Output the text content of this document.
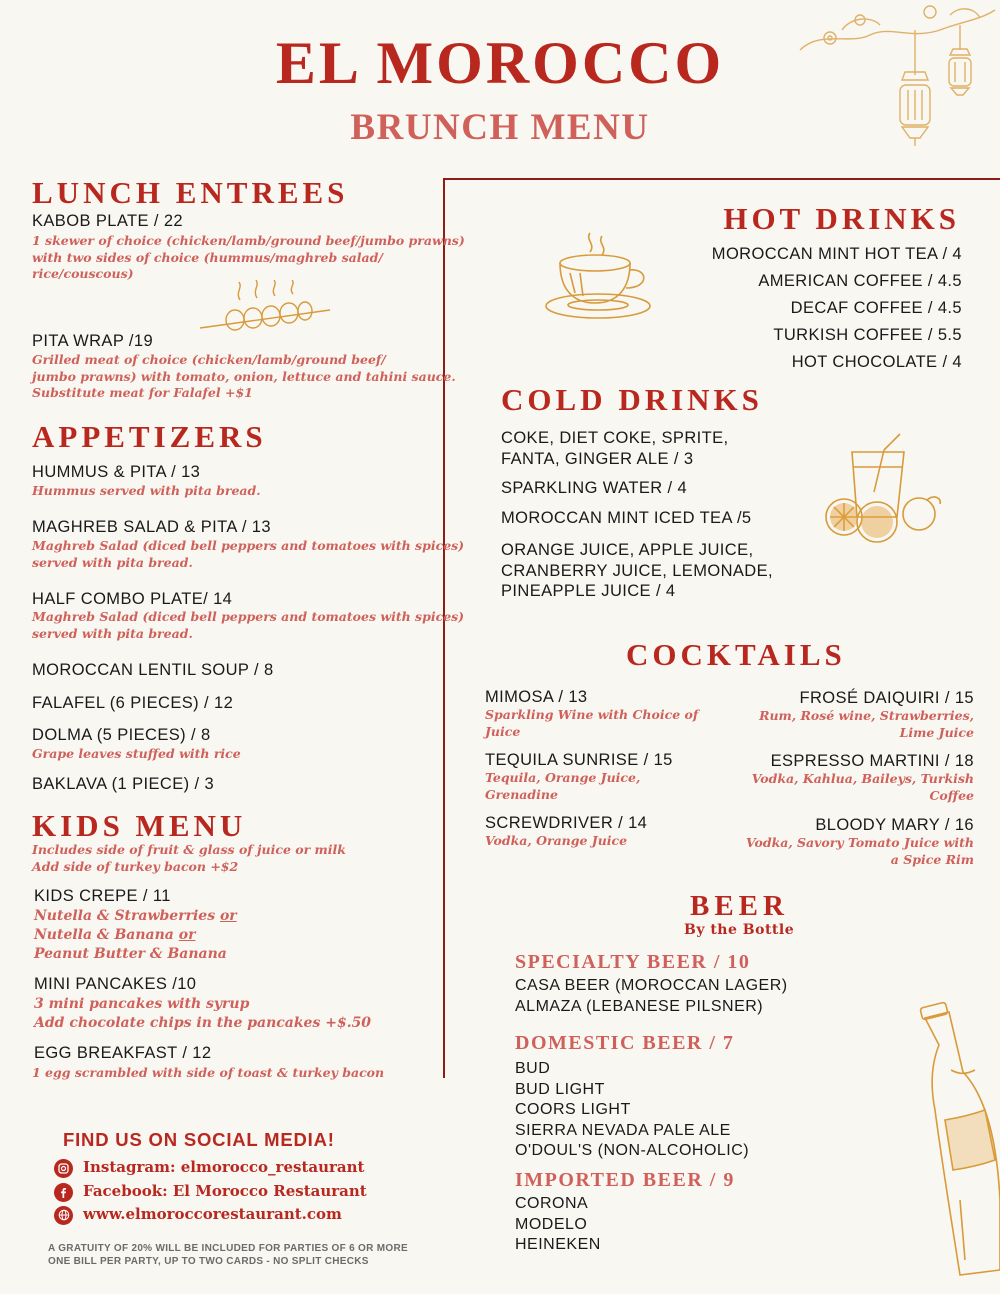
EL MOROCCO
BRUNCH MENU
LUNCH ENTREES
KABOB PLATE / 22
1 skewer of choice (chicken/lamb/ground beef/jumbo prawns)
with two sides of choice (hummus/maghreb salad/
rice/couscous)
PITA WRAP /19
Grilled meat of choice (chicken/lamb/ground beef/
jumbo prawns) with tomato, onion, lettuce and tahini sauce.
Substitute meat for Falafel +$1
APPETIZERS
HUMMUS & PITA / 13
Hummus served with pita bread.
MAGHREB SALAD & PITA / 13
Maghreb Salad (diced bell peppers and tomatoes with spices)
served with pita bread.
HALF COMBO PLATE/ 14
Maghreb Salad (diced bell peppers and tomatoes with spices)
served with pita bread.
MOROCCAN LENTIL SOUP / 8
FALAFEL (6 PIECES) / 12
DOLMA (5 PIECES) / 8
Grape leaves stuffed with rice
BAKLAVA (1 PIECE) / 3
KIDS MENU
Includes side of fruit & glass of juice or milk
Add side of turkey bacon +$2
KIDS CREPE / 11
Nutella & Strawberries or
Nutella & Banana or
Peanut Butter & Banana
MINI PANCAKES /10
3 mini pancakes with syrup
Add chocolate chips in the pancakes +$.50
EGG BREAKFAST / 12
1 egg scrambled with side of toast & turkey bacon
FIND US ON SOCIAL MEDIA!
Instagram: elmorocco_restaurant
Facebook: El Morocco Restaurant
www.elmoroccorestaurant.com
A GRATUITY OF 20% WILL BE INCLUDED FOR PARTIES OF 6 OR MORE
ONE BILL PER PARTY, UP TO TWO CARDS - NO SPLIT CHECKS
HOT DRINKS
MOROCCAN MINT HOT TEA / 4
AMERICAN COFFEE / 4.5
DECAF COFFEE / 4.5
TURKISH COFFEE / 5.5
HOT CHOCOLATE / 4
COLD DRINKS
COKE, DIET COKE, SPRITE,
FANTA, GINGER ALE / 3
SPARKLING WATER / 4
MOROCCAN MINT ICED TEA /5
ORANGE JUICE, APPLE JUICE,
CRANBERRY JUICE, LEMONADE,
PINEAPPLE JUICE / 4
COCKTAILS
MIMOSA / 13
Sparkling Wine with Choice of
Juice
TEQUILA SUNRISE / 15
Tequila, Orange Juice,
Grenadine
SCREWDRIVER / 14
Vodka, Orange Juice
FROSÉ DAIQUIRI / 15
Rum, Rosé wine, Strawberries,
Lime Juice
ESPRESSO MARTINI / 18
Vodka, Kahlua, Baileys, Turkish
Coffee
BLOODY MARY / 16
Vodka, Savory Tomato Juice with
a Spice Rim
BEER
By the Bottle
SPECIALTY BEER / 10
CASA BEER (MOROCCAN LAGER)
ALMAZA (LEBANESE PILSNER)
DOMESTIC BEER / 7
BUD
BUD LIGHT
COORS LIGHT
SIERRA NEVADA PALE ALE
O'DOUL'S (NON-ALCOHOLIC)
IMPORTED BEER / 9
CORONA
MODELO
HEINEKEN
